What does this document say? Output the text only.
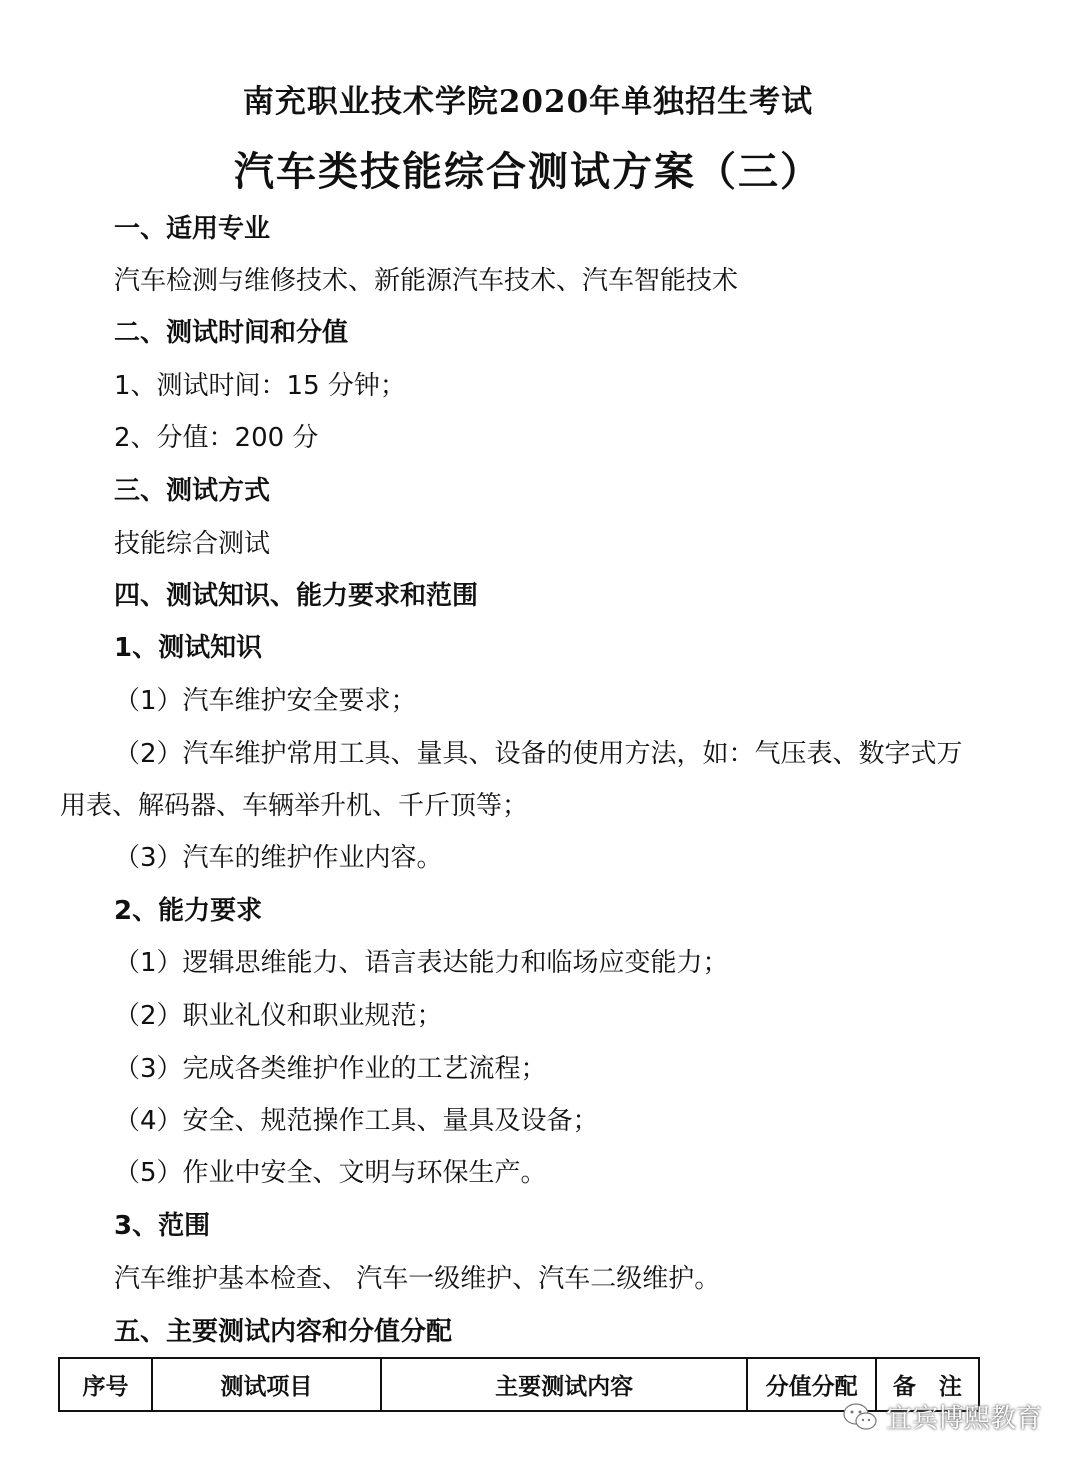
南充职业技术学院2020年单独招生考试
汽车类技能综合测试方案（三）
一、适用专业
汽车检测与维修技术、新能源汽车技术、汽车智能技术
二、测试时间和分值
1、测试时间：15 分钟；
2、分值：200 分
三、测试方式
技能综合测试
四、测试知识、能力要求和范围
1、测试知识
（1）汽车维护安全要求；
（2）汽车维护常用工具、量具、设备的使用方法，如：气压表、数字式万
用表、解码器、车辆举升机、千斤顶等；
（3）汽车的维护作业内容。
2、能力要求
（1）逻辑思维能力、语言表达能力和临场应变能力；
（2）职业礼仪和职业规范；
（3）完成各类维护作业的工艺流程；
（4）安全、规范操作工具、量具及设备；
（5）作业中安全、文明与环保生产。
3、范围
汽车维护基本检查、 汽车一级维护、汽车二级维护。
五、主要测试内容和分值分配
序号	测试项目	主要测试内容	分值分配	备　注
宜宾博熙教育
